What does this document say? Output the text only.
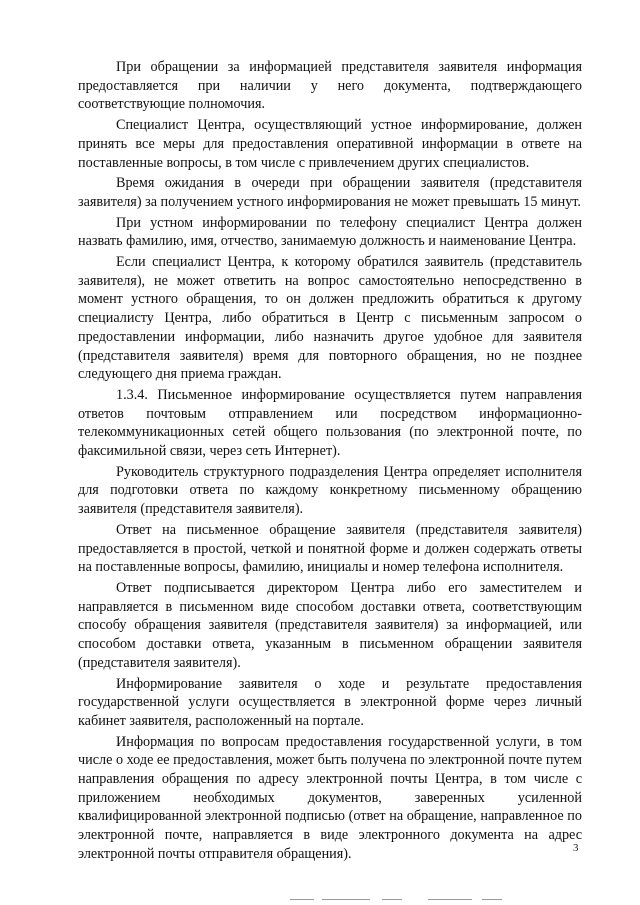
При обращении за информацией представителя заявителя информация предоставляется при наличии у него документа, подтверждающего соответствующие полномочия.

Специалист Центра, осуществляющий устное информирование, должен принять все меры для предоставления оперативной информации в ответе на поставленные вопросы, в том числе с привлечением других специалистов.

Время ожидания в очереди при обращении заявителя (представителя заявителя) за получением устного информирования не может превышать 15 минут.

При устном информировании по телефону специалист Центра должен назвать фамилию, имя, отчество, занимаемую должность и наименование Центра.

Если специалист Центра, к которому обратился заявитель (представитель заявителя), не может ответить на вопрос самостоятельно непосредственно в момент устного обращения, то он должен предложить обратиться к другому специалисту Центра, либо обратиться в Центр с письменным запросом о предоставлении информации, либо назначить другое удобное для заявителя (представителя заявителя) время для повторного обращения, но не позднее следующего дня приема граждан.

1.3.4. Письменное информирование осуществляется путем направления ответов почтовым отправлением или посредством информационно-телекоммуникационных сетей общего пользования (по электронной почте, по факсимильной связи, через сеть Интернет).

Руководитель структурного подразделения Центра определяет исполнителя для подготовки ответа по каждому конкретному письменному обращению заявителя (представителя заявителя).

Ответ на письменное обращение заявителя (представителя заявителя) предоставляется в простой, четкой и понятной форме и должен содержать ответы на поставленные вопросы, фамилию, инициалы и номер телефона исполнителя.

Ответ подписывается директором Центра либо его заместителем и направляется в письменном виде способом доставки ответа, соответствующим способу обращения заявителя (представителя заявителя) за информацией, или способом доставки ответа, указанным в письменном обращении заявителя (представителя заявителя).

Информирование заявителя о ходе и результате предоставления государственной услуги осуществляется в электронной форме через личный кабинет заявителя, расположенный на портале.

Информация по вопросам предоставления государственной услуги, в том числе о ходе ее предоставления, может быть получена по электронной почте путем направления обращения по адресу электронной почты Центра, в том числе с приложением необходимых документов, заверенных усиленной квалифицированной электронной подписью (ответ на обращение, направленное по электронной почте, направляется в виде электронного документа на адрес электронной почты отправителя обращения).	3
